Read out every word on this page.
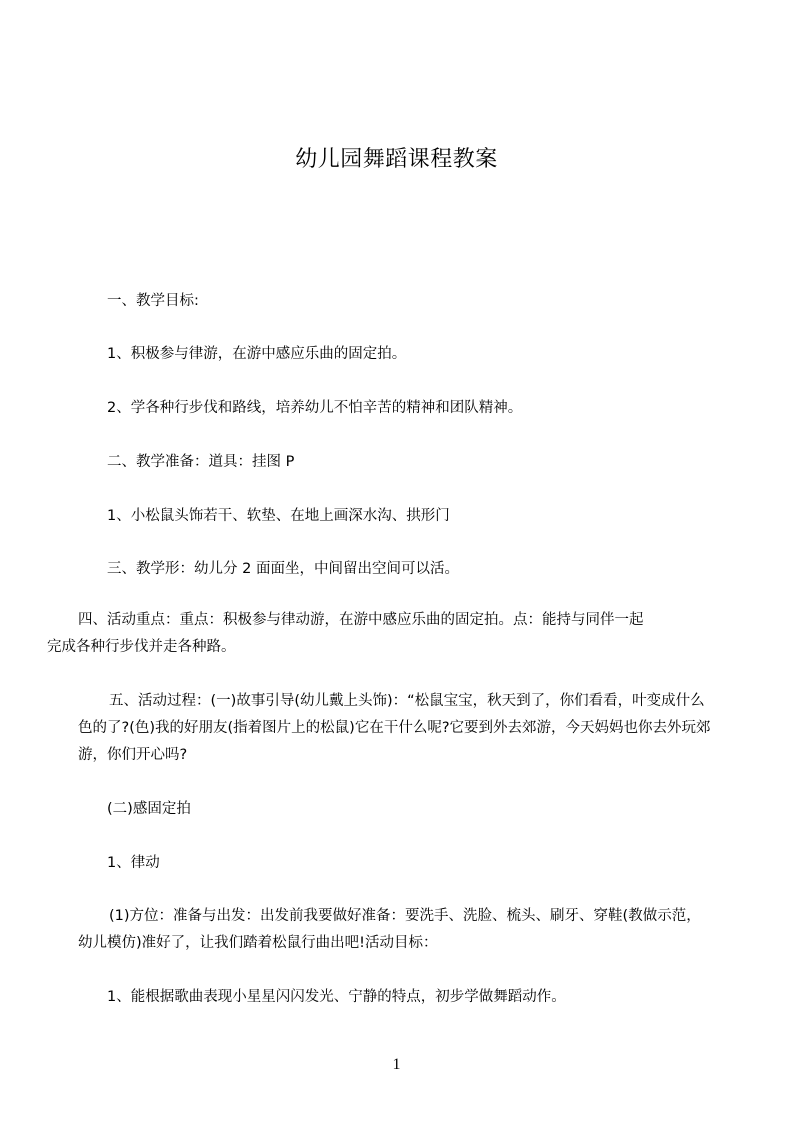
幼儿园舞蹈课程教案
一、教学目标:
1、积极参与律游，在游中感应乐曲的固定拍。
2、学各种行步伐和路线，培养幼儿不怕辛苦的精神和团队精神。
二、教学准备：道具：挂图 P
1、小松鼠头饰若干、软垫、在地上画深水沟、拱形门
三、教学形：幼儿分 2 面面坐，中间留出空间可以活。
四、活动重点：重点：积极参与律动游，在游中感应乐曲的固定拍。点：能持与同伴一起完成各种行步伐并走各种路。
五、活动过程：(一)故事引导(幼儿戴上头饰)：“松鼠宝宝，秋天到了，你们看看，叶变成什么色的了?(色)我的好朋友(指着图片上的松鼠)它在干什么呢?它要到外去郊游，今天妈妈也你去外玩郊游，你们开心吗?
(二)感固定拍
1、律动
(1)方位：准备与出发：出发前我要做好准备：要洗手、洗脸、梳头、刷牙、穿鞋(教做示范，幼儿模仿)准好了，让我们踏着松鼠行曲出吧!活动目标：
1、能根据歌曲表现小星星闪闪发光、宁静的特点，初步学做舞蹈动作。
1
